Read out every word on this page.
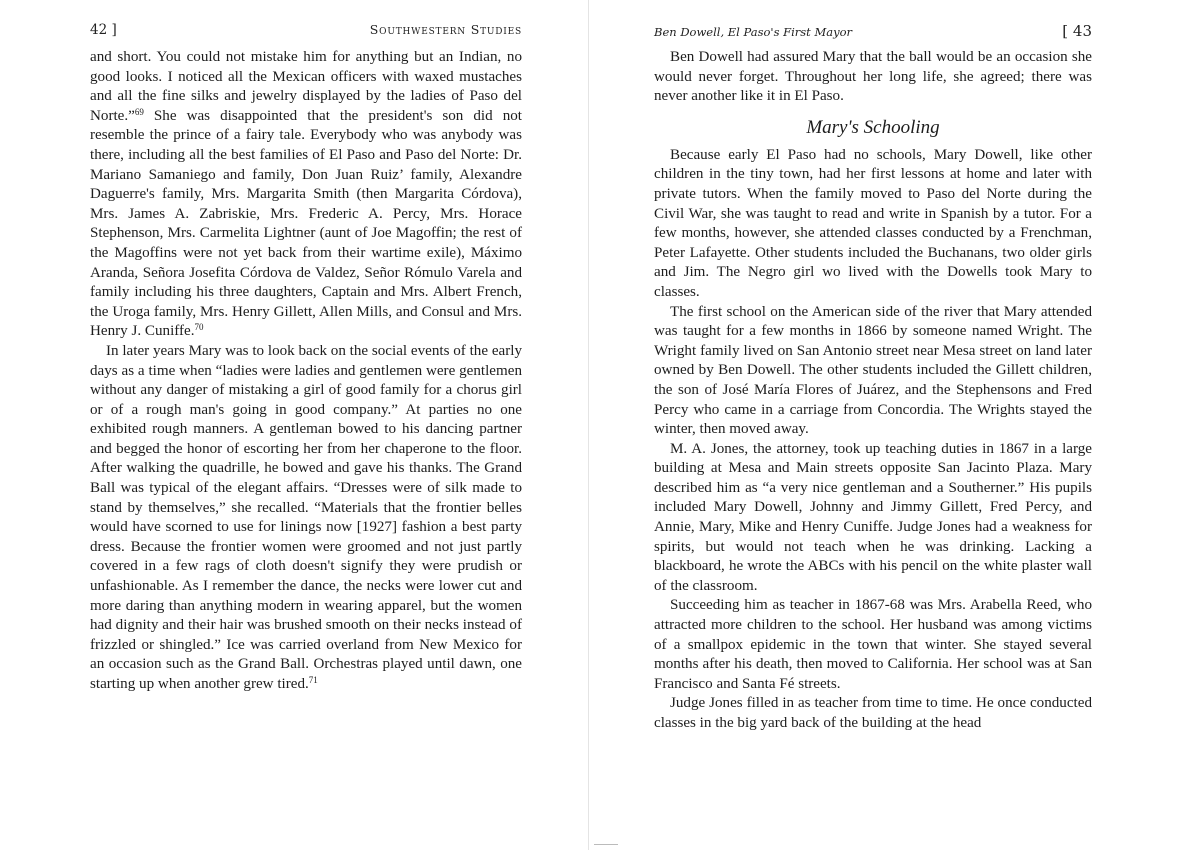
42 ]	Southwestern Studies

and short. You could not mistake him for anything but an Indian, no good looks. I noticed all the Mexican officers with waxed mustaches and all the fine silks and jewelry displayed by the ladies of Paso del Norte.”$^{69}$ She was disappointed that the president's son did not resemble the prince of a fairy tale. Everybody who was anybody was there, including all the best families of El Paso and Paso del Norte: Dr. Mariano Samaniego and family, Don Juan Ruiz’ family, Alexandre Daguerre's family, Mrs. Margarita Smith (then Margarita Córdova), Mrs. James A. Zabriskie, Mrs. Frederic A. Percy, Mrs. Horace Stephenson, Mrs. Carmelita Lightner (aunt of Joe Magoffin; the rest of the Magoffins were not yet back from their wartime exile), Máximo Aranda, Señora Josefita Córdova de Valdez, Señor Rómulo Varela and family including his three daughters, Captain and Mrs. Albert French, the Uroga family, Mrs. Henry Gillett, Allen Mills, and Consul and Mrs. Henry J. Cuniffe.$^{70}$

In later years Mary was to look back on the social events of the early days as a time when “ladies were ladies and gentlemen were gentlemen without any danger of mistaking a girl of good family for a chorus girl or of a rough man's going in good company.” At parties no one exhibited rough manners. A gentleman bowed to his dancing partner and begged the honor of escorting her from her chaperone to the floor. After walking the quadrille, he bowed and gave his thanks. The Grand Ball was typical of the elegant affairs. “Dresses were of silk made to stand by themselves,” she recalled. “Materials that the frontier belles would have scorned to use for linings now [1927] fashion a best party dress. Because the frontier women were groomed and not just partly covered in a few rags of cloth doesn't signify they were prudish or unfashionable. As I remember the dance, the necks were lower cut and more daring than anything modern in wearing apparel, but the women had dignity and their hair was brushed smooth on their necks instead of frizzled or shingled.” Ice was carried overland from New Mexico for an occasion such as the Grand Ball. Orchestras played until dawn, one starting up when another grew tired.$^{71}$

Ben Dowell, El Paso's First Mayor	[ 43

Ben Dowell had assured Mary that the ball would be an occasion she would never forget. Throughout her long life, she agreed; there was never another like it in El Paso.

Mary's Schooling

Because early El Paso had no schools, Mary Dowell, like other children in the tiny town, had her first lessons at home and later with private tutors. When the family moved to Paso del Norte during the Civil War, she was taught to read and write in Spanish by a tutor. For a few months, however, she attended classes conducted by a Frenchman, Peter Lafayette. Other students included the Buchanans, two older girls and Jim. The Negro girl wo lived with the Dowells took Mary to classes.

The first school on the American side of the river that Mary attended was taught for a few months in 1866 by someone named Wright. The Wright family lived on San Antonio street near Mesa street on land later owned by Ben Dowell. The other students included the Gillett children, the son of José María Flores of Juárez, and the Stephensons and Fred Percy who came in a carriage from Concordia. The Wrights stayed the winter, then moved away.

M. A. Jones, the attorney, took up teaching duties in 1867 in a large building at Mesa and Main streets opposite San Jacinto Plaza. Mary described him as “a very nice gentleman and a Southerner.” His pupils included Mary Dowell, Johnny and Jimmy Gillett, Fred Percy, and Annie, Mary, Mike and Henry Cuniffe. Judge Jones had a weakness for spirits, but would not teach when he was drinking. Lacking a blackboard, he wrote the ABCs with his pencil on the white plaster wall of the classroom.

Succeeding him as teacher in 1867-68 was Mrs. Arabella Reed, who attracted more children to the school. Her husband was among victims of a smallpox epidemic in the town that winter. She stayed several months after his death, then moved to California. Her school was at San Francisco and Santa Fé streets.

Judge Jones filled in as teacher from time to time. He once conducted classes in the big yard back of the building at the head
